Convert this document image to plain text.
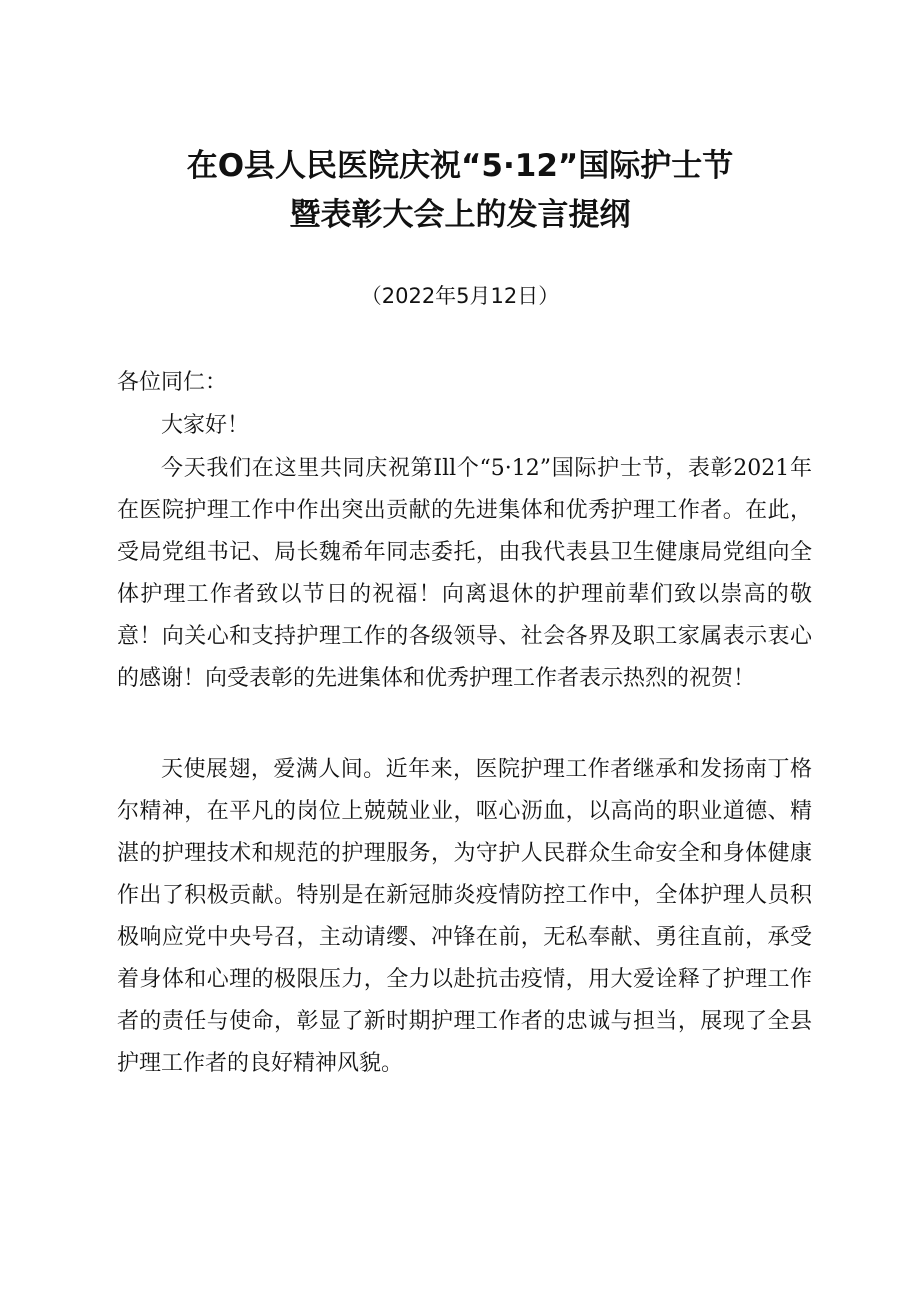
在O县人民医院庆祝“5·12”国际护士节
暨表彰大会上的发言提纲
（2022年5月12日）
各位同仁：

大家好！

今天我们在这里共同庆祝第Ill个“5·12”国际护士节，表彰2021年在医院护理工作中作出突出贡献的先进集体和优秀护理工作者。在此，受局党组书记、局长魏希年同志委托，由我代表县卫生健康局党组向全体护理工作者致以节日的祝福！向离退休的护理前辈们致以崇高的敬意！向关心和支持护理工作的各级领导、社会各界及职工家属表示衷心的感谢！向受表彰的先进集体和优秀护理工作者表示热烈的祝贺！

天使展翅，爱满人间。近年来，医院护理工作者继承和发扬南丁格尔精神，在平凡的岗位上兢兢业业，呕心沥血，以高尚的职业道德、精湛的护理技术和规范的护理服务，为守护人民群众生命安全和身体健康作出了积极贡献。特别是在新冠肺炎疫情防控工作中，全体护理人员积极响应党中央号召，主动请缨、冲锋在前，无私奉献、勇往直前，承受着身体和心理的极限压力，全力以赴抗击疫情，用大爱诠释了护理工作者的责任与使命，彰显了新时期护理工作者的忠诚与担当，展现了全县护理工作者的良好精神风貌。
